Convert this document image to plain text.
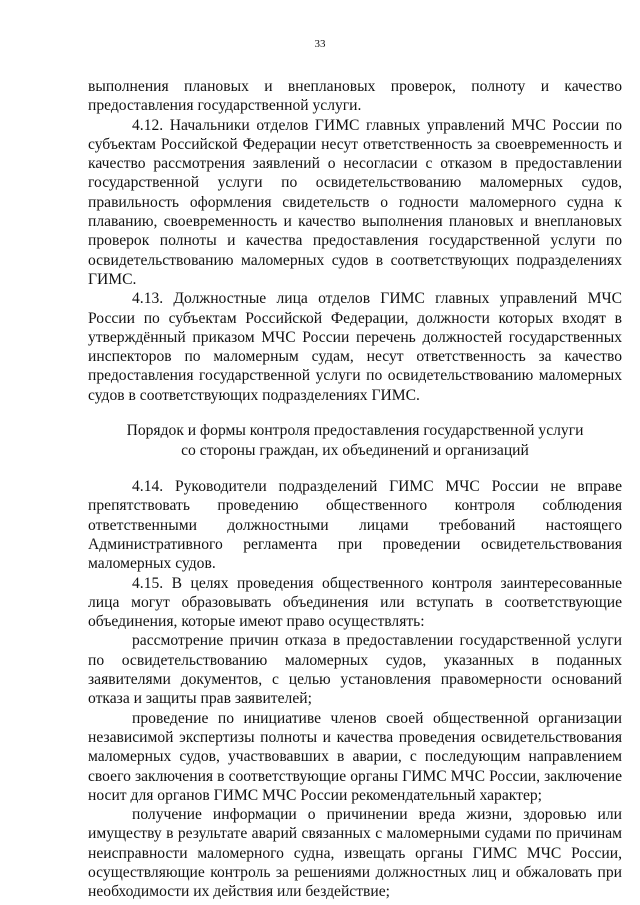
33

выполнения плановых и внеплановых проверок, полноту и качество предоставления государственной услуги.

4.12. Начальники отделов ГИМС главных управлений МЧС России по субъектам Российской Федерации несут ответственность за своевременность и качество рассмотрения заявлений о несогласии с отказом в предоставлении государственной услуги по освидетельствованию маломерных судов, правильность оформления свидетельств о годности маломерного судна к плаванию, своевременность и качество выполнения плановых и внеплановых проверок полноты и качества предоставления государственной услуги по освидетельствованию маломерных судов в соответствующих подразделениях ГИМС.

4.13. Должностные лица отделов ГИМС главных управлений МЧС России по субъектам Российской Федерации, должности которых входят в утверждённый приказом МЧС России перечень должностей государственных инспекторов по маломерным судам, несут ответственность за качество предоставления государственной услуги по освидетельствованию маломерных судов в соответствующих подразделениях ГИМС.

Порядок и формы контроля предоставления государственной услуги
со стороны граждан, их объединений и организаций

4.14. Руководители подразделений ГИМС МЧС России не вправе препятствовать проведению общественного контроля соблюдения ответственными должностными лицами требований настоящего Административного регламента при проведении освидетельствования маломерных судов.

4.15. В целях проведения общественного контроля заинтересованные лица могут образовывать объединения или вступать в соответствующие объединения, которые имеют право осуществлять:

рассмотрение причин отказа в предоставлении государственной услуги по освидетельствованию маломерных судов, указанных в поданных заявителями документов, с целью установления правомерности оснований отказа и защиты прав заявителей;

проведение по инициативе членов своей общественной организации независимой экспертизы полноты и качества проведения освидетельствования маломерных судов, участвовавших в аварии, с последующим направлением своего заключения в соответствующие органы ГИМС МЧС России, заключение носит для органов ГИМС МЧС России рекомендательный характер;

получение информации о причинении вреда жизни, здоровью или имуществу в результате аварий связанных с маломерными судами по причинам неисправности маломерного судна, извещать органы ГИМС МЧС России, осуществляющие контроль за решениями должностных лиц и обжаловать при необходимости их действия или бездействие;
